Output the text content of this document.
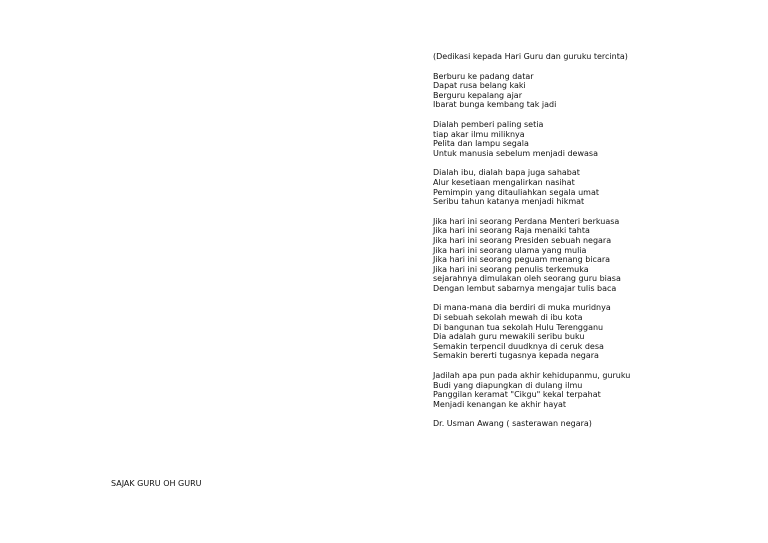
(Dedikasi kepada Hari Guru dan guruku tercinta)
Berburu ke padang datar
Dapat rusa belang kaki
Berguru kepalang ajar
Ibarat bunga kembang tak jadi
Dialah pemberi paling setia
tiap akar ilmu miliknya
Pelita dan lampu segala
Untuk manusia sebelum menjadi dewasa
Dialah ibu, dialah bapa juga sahabat
Alur kesetiaan mengalirkan nasihat
Pemimpin yang ditauliahkan segala umat
Seribu tahun katanya menjadi hikmat
Jika hari ini seorang Perdana Menteri berkuasa
Jika hari ini seorang Raja menaiki tahta
Jika hari ini seorang Presiden sebuah negara
Jika hari ini seorang ulama yang mulia
Jika hari ini seorang peguam menang bicara
Jika hari ini seorang penulis terkemuka
sejarahnya dimulakan oleh seorang guru biasa
Dengan lembut sabarnya mengajar tulis baca
Di mana-mana dia berdiri di muka muridnya
Di sebuah sekolah mewah di ibu kota
Di bangunan tua sekolah Hulu Terengganu
Dia adalah guru mewakili seribu buku
Semakin terpencil duudknya di ceruk desa
Semakin bererti tugasnya kepada negara
Jadilah apa pun pada akhir kehidupanmu, guruku
Budi yang diapungkan di dulang ilmu
Panggilan keramat "Cikgu" kekal terpahat
Menjadi kenangan ke akhir hayat
Dr. Usman Awang ( sasterawan negara)
SAJAK GURU OH GURU
